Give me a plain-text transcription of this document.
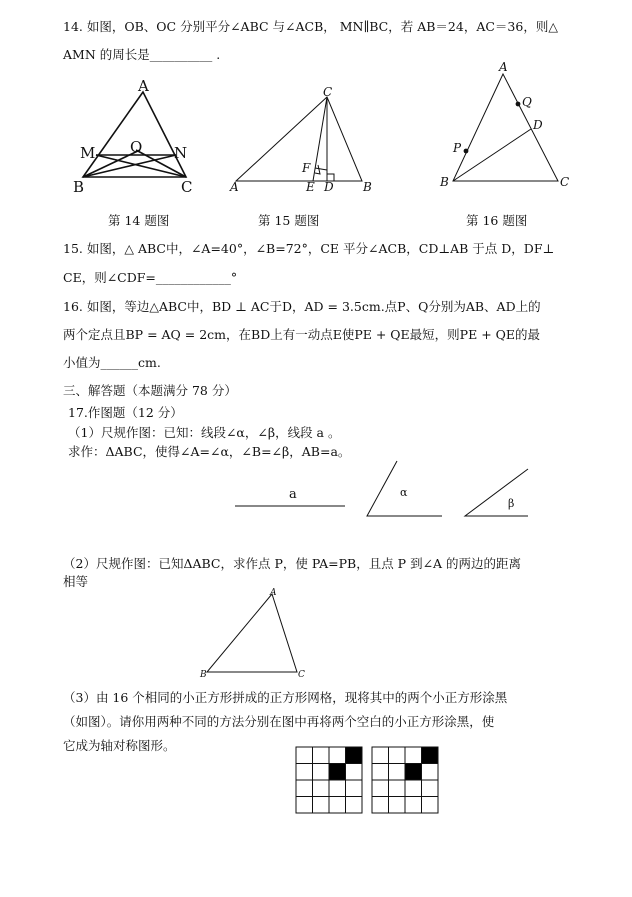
14. 如图，OB、OC 分别平分∠ABC 与∠ACB， MN∥BC，若 AB＝24，AC＝36，则△
AMN 的周长是__________ .
A
M O N
B	C
C
F
A	E D B
A
Q
D
P
B	C
a	α
β
A
B	C
第 14 题图	第 15 题图	第 16 题图
15. 如图，△ ABC中，∠A=40°，∠B=72°，CE 平分∠ACB，CD⊥AB 于点 D，DF⊥
CE，则∠CDF=____________°
16. 如图，等边△ABC中，BD ⊥ AC于D，AD = 3.5cm.点P、Q分别为AB、AD上的
两个定点且BP = AQ = 2cm，在BD上有一动点E使PE + QE最短，则PE + QE的最
小值为______cm.
三、解答题（本题满分 78 分）
17.作图题（12 分）
（1）尺规作图：已知：线段∠α，∠β，线段 a 。
求作：ΔABC，使得∠A=∠α，∠B=∠β，AB=a。
（2）尺规作图：已知ΔABC，求作点 P，使 PA=PB，且点 P 到∠A 的两边的距离
相等
（3）由 16 个相同的小正方形拼成的正方形网格，现将其中的两个小正方形涂黑
（如图）。请你用两种不同的方法分别在图中再将两个空白的小正方形涂黑，使
它成为轴对称图形。
